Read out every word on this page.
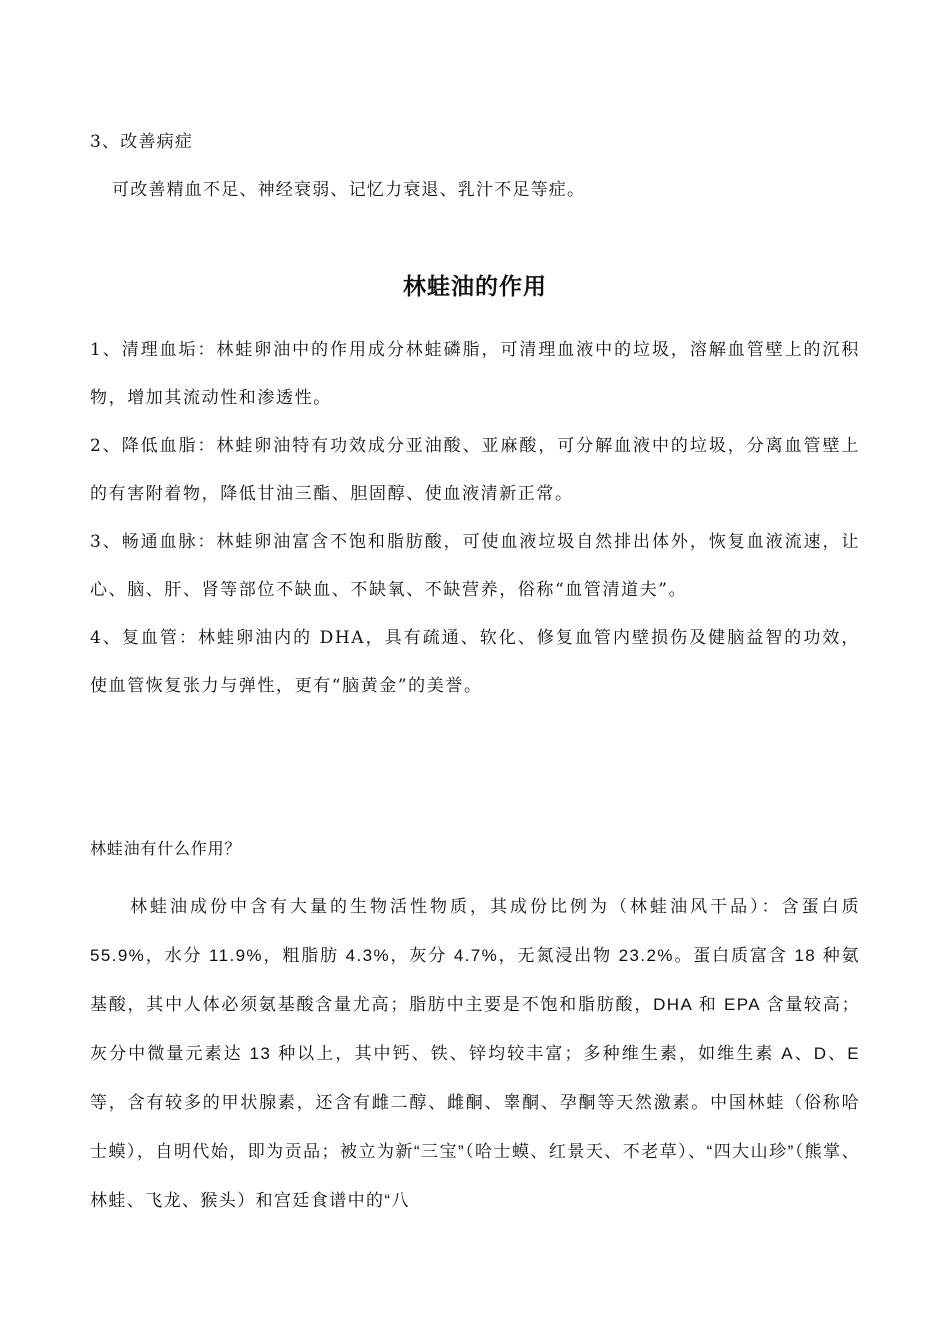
3、改善病症

可改善精血不足、神经衰弱、记忆力衰退、乳汁不足等症。

林蛙油的作用

1、清理血垢：林蛙卵油中的作用成分林蛙磷脂，可清理血液中的垃圾，溶解血管壁上的沉积物，增加其流动性和渗透性。

2、降低血脂：林蛙卵油特有功效成分亚油酸、亚麻酸，可分解血液中的垃圾，分离血管壁上的有害附着物，降低甘油三酯、胆固醇、使血液清新正常。

3、畅通血脉：林蛙卵油富含不饱和脂肪酸，可使血液垃圾自然排出体外，恢复血液流速，让心、脑、肝、肾等部位不缺血、不缺氧、不缺营养，俗称“血管清道夫”。

4、复血管：林蛙卵油内的 DHA，具有疏通、软化、修复血管内壁损伤及健脑益智的功效，使血管恢复张力与弹性，更有“脑黄金”的美誉。

林蛙油有什么作用？

林蛙油成份中含有大量的生物活性物质，其成份比例为（林蛙油风干品）：含蛋白质 55.9%，水分 11.9%，粗脂肪 4.3%，灰分 4.7%，无氮浸出物 23.2%。蛋白质富含 18 种氨基酸，其中人体必须氨基酸含量尤高；脂肪中主要是不饱和脂肪酸，DHA 和 EPA 含量较高；灰分中微量元素达 13 种以上，其中钙、铁、锌均较丰富；多种维生素，如维生素 A、D、E 等，含有较多的甲状腺素，还含有雌二醇、雌酮、睾酮、孕酮等天然激素。中国林蛙（俗称哈士蟆），自明代始，即为贡品；被立为新“三宝”（哈士蟆、红景天、不老草）、“四大山珍”（熊掌、林蛙、飞龙、猴头）和宫廷食谱中的“八
